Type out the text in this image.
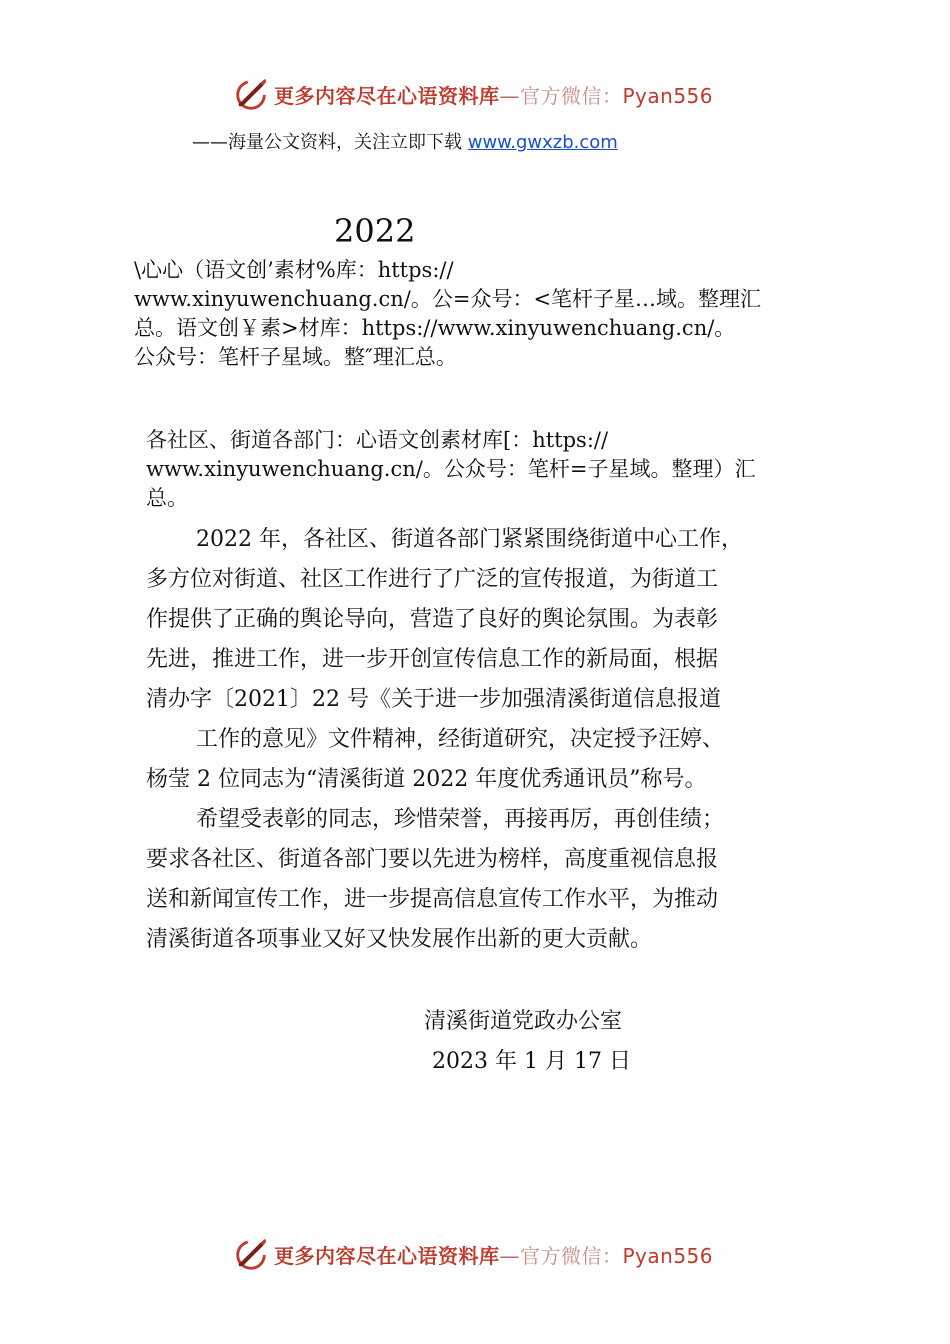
更多内容尽在心语资料库—官方微信：Pyan556
——海量公文资料，关注立即下载 www.gwxzb.com
2022
\心心（语文创’素材%库：https://
www.xinyuwenchuang.cn/。公=众号：<笔杆子星…域。整理汇
总。语文创￥素>材库：https://www.xinyuwenchuang.cn/。
公众号：笔杆子星域。整″理汇总。
各社区、街道各部门：心语文创素材库[：https://
www.xinyuwenchuang.cn/。公众号：笔杆=子星域。整理）汇
总。
2022 年，各社区、街道各部门紧紧围绕街道中心工作，
多方位对街道、社区工作进行了广泛的宣传报道，为街道工
作提供了正确的舆论导向，营造了良好的舆论氛围。为表彰
先进，推进工作，进一步开创宣传信息工作的新局面，根据
清办字〔2021〕22 号《关于进一步加强清溪街道信息报道
工作的意见》文件精神，经街道研究，决定授予汪婷、
杨莹 2 位同志为“清溪街道 2022 年度优秀通讯员”称号。
希望受表彰的同志，珍惜荣誉，再接再厉，再创佳绩；
要求各社区、街道各部门要以先进为榜样，高度重视信息报
送和新闻宣传工作，进一步提高信息宣传工作水平，为推动
清溪街道各项事业又好又快发展作出新的更大贡献。
清溪街道党政办公室
2023 年 1 月 17 日
更多内容尽在心语资料库—官方微信：Pyan556
